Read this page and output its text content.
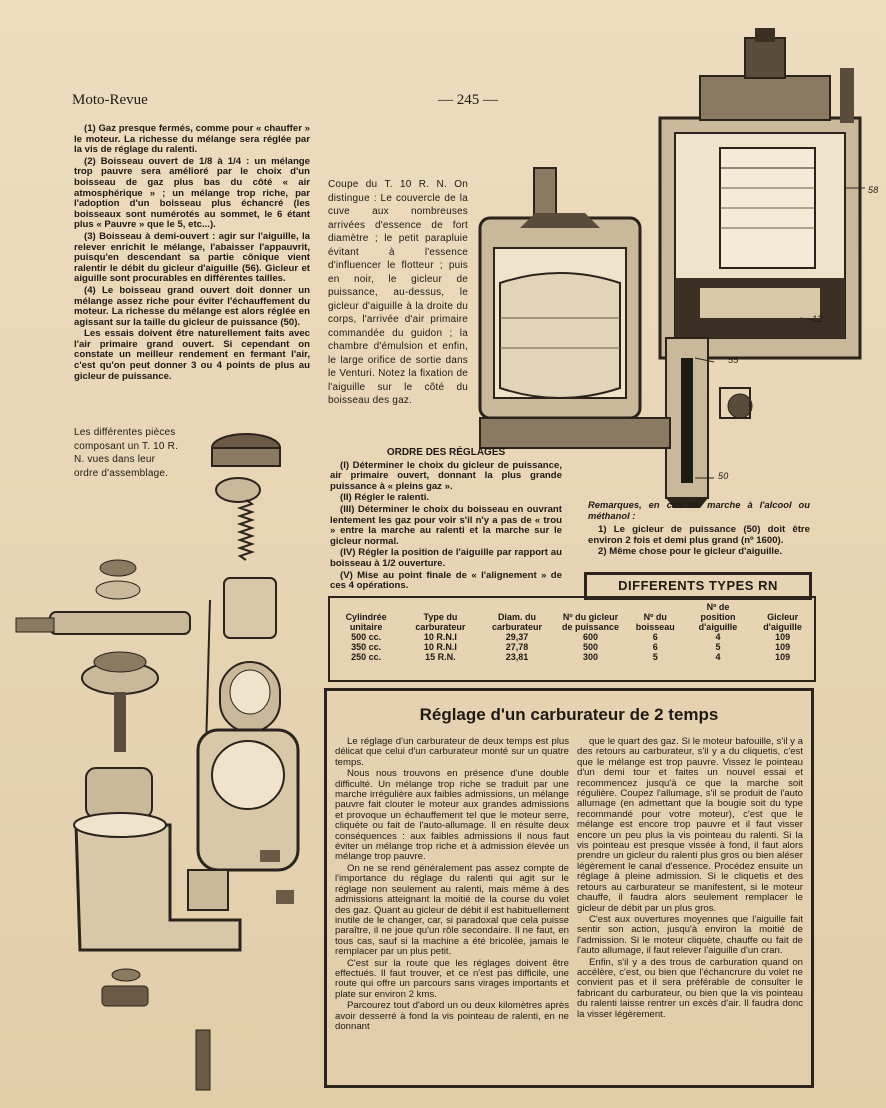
Moto-Revue	— 245 —

(1) Gaz presque fermés, comme pour « chauffer » le moteur. La richesse du mélange sera réglée par la vis de réglage du ralenti.

(2) Boisseau ouvert de 1/8 à 1/4 : un mélange trop pauvre sera amélioré par le choix d'un boisseau de gaz plus bas du côté « air atmosphérique » ; un mélange trop riche, par l'adoption d'un boisseau plus échancré (les boisseaux sont numérotés au sommet, le 6 étant plus « Pauvre » que le 5, etc...).

(3) Boisseau à demi-ouvert : agir sur l'aiguille, la relever enrichit le mélange, l'abaisser l'appauvrit, puisqu'en descendant sa partie cônique vient ralentir le débit du gicleur d'aiguille (56). Gicleur et aiguille sont procurables en différentes tailles.

(4) Le boisseau grand ouvert doit donner un mélange assez riche pour éviter l'échauffement du moteur. La richesse du mélange est alors réglée en agissant sur la taille du gicleur de puissance (50).

Les essais doivent être naturellement faits avec l'air primaire grand ouvert. Si cependant on constate un meilleur rendement en fermant l'air, c'est qu'on peut donner 3 ou 4 points de plus au gicleur de puissance.

Coupe du T. 10 R. N. On distingue : Le couvercle de la cuve aux nombreuses arrivées d'essence de fort diamètre ; le petit parapluie évitant à l'essence d'influencer le flotteur ; puis en noir, le gicleur de puissance, au-dessus, le gicleur d'aiguille à la droite du corps, l'arrivée d'air primaire commandée du guidon ; la chambre d'émulsion et enfin, le large orifice de sortie dans le Venturi. Notez la fixation de l'aiguille sur le côté du boisseau des gaz.
58
12
55
50
Les différentes pièces composant un T. 10 R. N. vues dans leur ordre d'assemblage.
ORDRE DES RÉGLAGES

(I) Déterminer le choix du gicleur de puissance, air primaire ouvert, donnant la plus grande puissance à « pleins gaz ».

(II) Régler le ralenti.

(III) Déterminer le choix du boisseau en ouvrant lentement les gaz pour voir s'il n'y a pas de « trou » entre la marche au ralenti et la marche sur le gicleur normal.

(IV) Régler la position de l'aiguille par rapport au boisseau à 1/2 ouverture.

(V) Mise au point finale de « l'alignement » de ces 4 opérations.

Remarques, en cas de marche à l'alcool ou méthanol :

1) Le gicleur de puissance (50) doit être environ 2 fois et demi plus grand (nº 1600).

2) Même chose pour le gicleur d'aiguille.

DIFFERENTS TYPES RN
Cylindrée unitaire	Type du carburateur	Diam. du carburateur	Nº du gicleur de puissance	Nº du boisseau	Nº de position d'aiguille	Gicleur d'aiguille
500 cc.	10 R.N.I	29,37	600	6	4	109
350 cc.	10 R.N.I	27,78	500	6	5	109
250 cc.	15 R.N.	23,81	300	5	4	109
Réglage d'un carburateur de 2 temps

Le réglage d'un carburateur de deux temps est plus délicat que celui d'un carburateur monté sur un quatre temps.

Nous nous trouvons en présence d'une double difficulté. Un mélange trop riche se traduit par une marche irrégulière aux faibles admissions, un mélange pauvre fait clouter le moteur aux grandes admissions et provoque un échauffement tel que le moteur serre, cliquète ou fait de l'auto-allumage. Il en résulte deux conséquences : aux faibles admissions il nous faut éviter un mélange trop riche et à admission élevée un mélange trop pauvre.

On ne se rend généralement pas assez compte de l'importance du réglage du ralenti qui agit sur le réglage non seulement au ralenti, mais même à des admissions atteignant la moitié de la course du volet des gaz. Quant au gicleur de débit il est habituellement inutile de le changer, car, si paradoxal que cela puisse paraître, il ne joue qu'un rôle secondaire. Il ne faut, en tous cas, sauf si la machine a été bricolée, jamais le remplacer par un plus petit.

C'est sur la route que les réglages doivent être effectués. Il faut trouver, et ce n'est pas difficile, une route qui offre un parcours sans virages importants et plate sur environ 2 kms.

Parcourez tout d'abord un ou deux kilomètres après avoir desserré à fond la vis pointeau de ralenti, en ne donnant

que le quart des gaz. Si le moteur bafouille, s'il y a des retours au carburateur, s'il y a du cliquetis, c'est que le mélange est trop pauvre. Vissez le pointeau d'un demi tour et faites un nouvel essai et recommencez jusqu'à ce que la marche soit régulière. Coupez l'allumage, s'il se produit de l'auto allumage (en admettant que la bougie soit du type recommandé pour votre moteur), c'est que le mélange est encore trop pauvre et il faut visser encore un peu plus la vis pointeau du ralenti. Si la vis pointeau est presque vissée à fond, il faut alors prendre un gicleur du ralenti plus gros ou bien aléser légèrement le canal d'essence. Procédez ensuite un réglage à pleine admission. Si le cliquetis et des retours au carburateur se manifestent, si le moteur chauffe, il faudra alors seulement remplacer le gicleur de débit par un plus gros.

C'est aux ouvertures moyennes que l'aiguille fait sentir son action, jusqu'à environ la moitié de l'admission. Si le moteur cliquète, chauffe ou fait de l'auto allumage, il faut relever l'aiguille d'un cran.

Enfin, s'il y a des trous de carburation quand on accélère, c'est, ou bien que l'échancrure du volet ne convient pas et il sera préférable de consulter le fabricant du carburateur, ou bien que la vis pointeau du ralenti laisse rentrer un excès d'air. Il faudra donc la visser légèrement.
